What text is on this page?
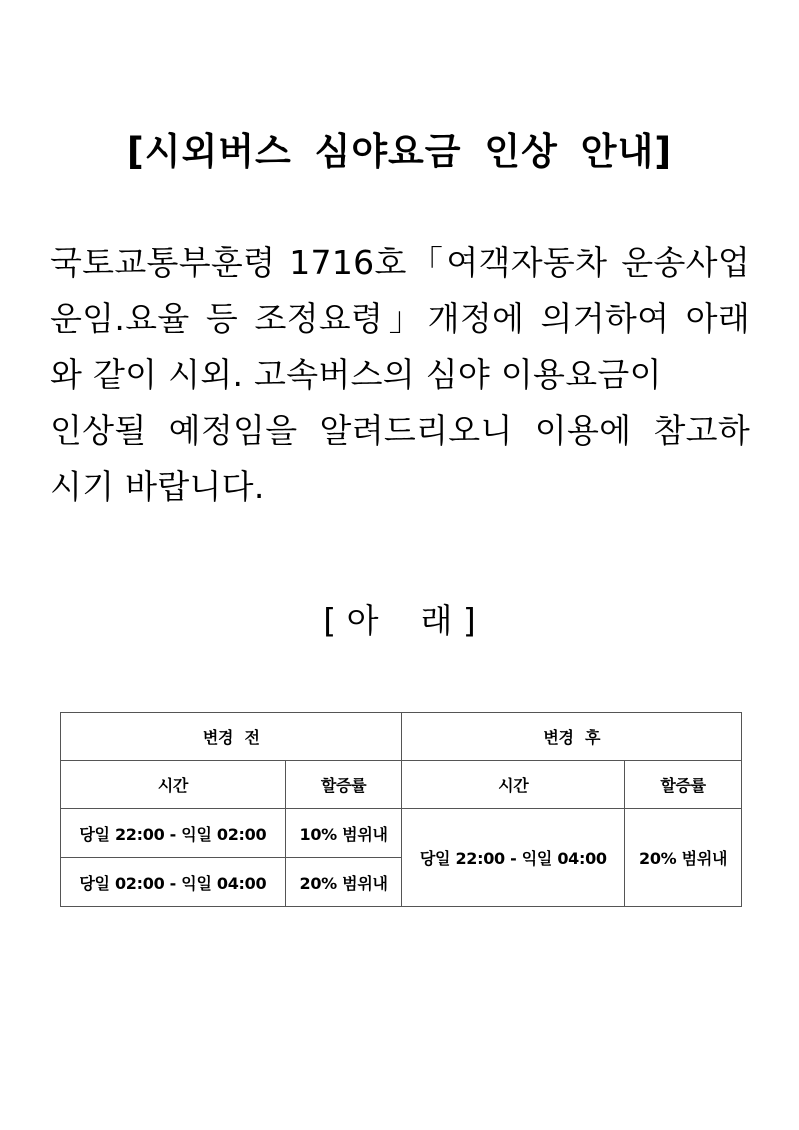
[시외버스 심야요금 인상 안내]
국토교통부훈령 1716호「여객자동차 운송사업
운임.요율 등 조정요령」개정에 의거하여 아래
와 같이 시외. 고속버스의 심야 이용요금이
인상될 예정임을 알려드리오니 이용에 참고하
시기 바랍니다.
[ 아    래 ]
변경 전		변경 후	
시간	할증률	시간	할증률
당일 22:00 - 익일 02:00	10% 범위내	당일 22:00 - 익일 04:00	20% 범위내
당일 02:00 - 익일 04:00	20% 범위내		
